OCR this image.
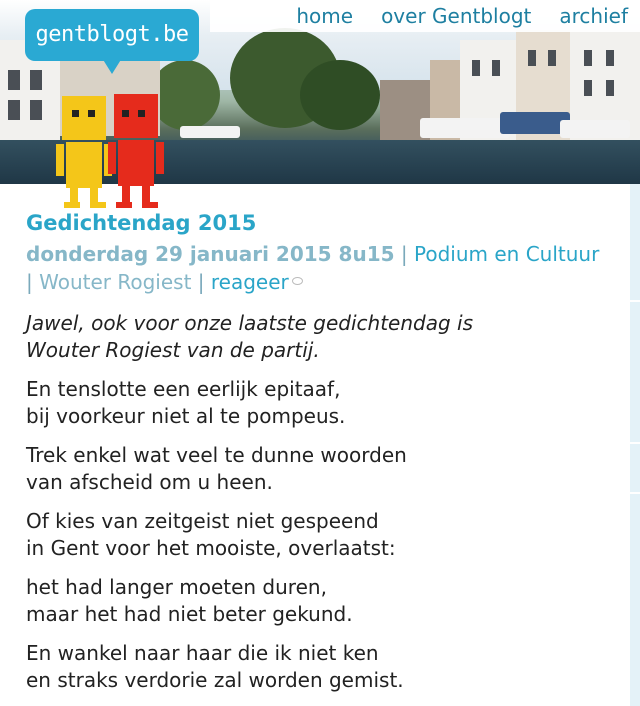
gentblogt.be
home over Gentblogt archief
Gedichtendag 2015
donderdag 29 januari 2015 8u15 | Podium en Cultuur | Wouter Rogiest | reageer

Jawel, ook voor onze laatste gedichtendag is
Wouter Rogiest van de partij.

En tenslotte een eerlijk epitaaf,
bij voorkeur niet al te pompeus.

Trek enkel wat veel te dunne woorden
van afscheid om u heen.

Of kies van zeitgeist niet gespeend
in Gent voor het mooiste, overlaatst:

het had langer moeten duren,
maar het had niet beter gekund.

En wankel naar haar die ik niet ken
en straks verdorie zal worden gemist.
